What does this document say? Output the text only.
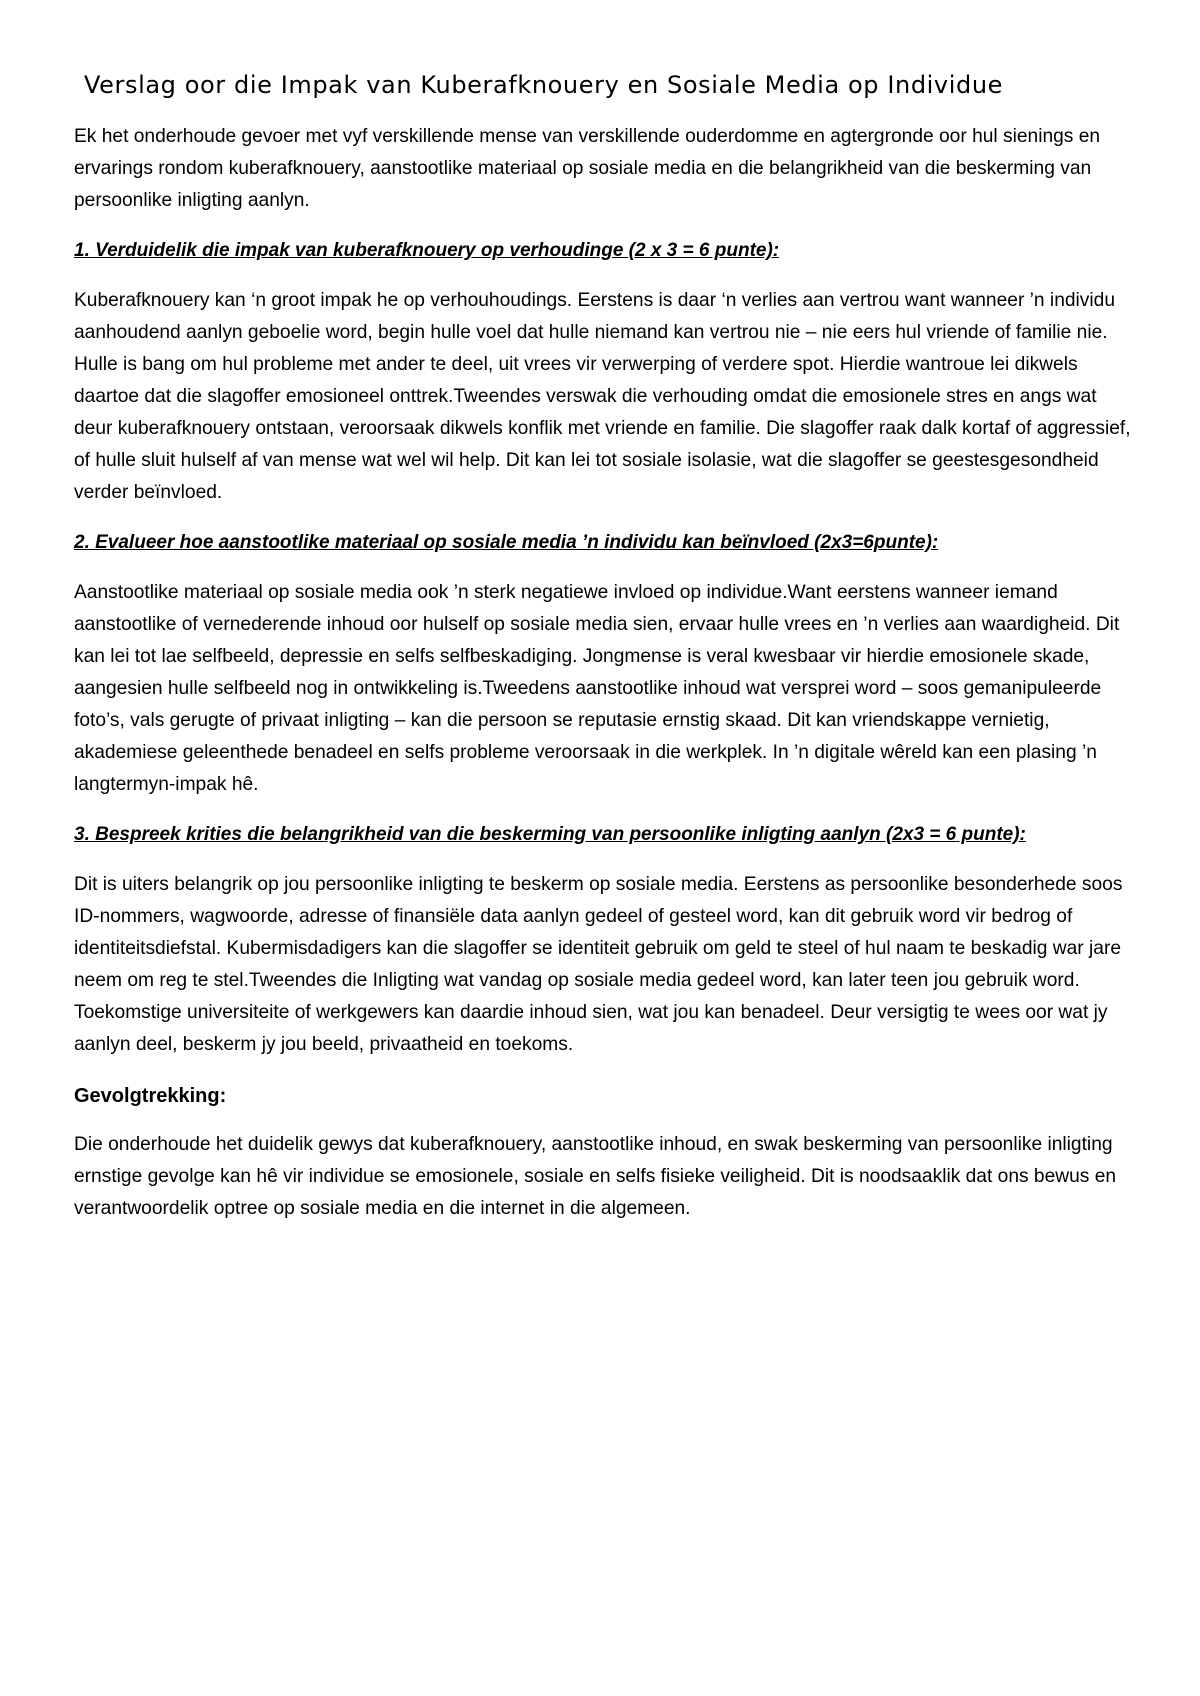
Verslag oor die Impak van Kuberafknouery en Sosiale Media op Individue

Ek het onderhoude gevoer met vyf verskillende mense van verskillende ouderdomme en agtergronde oor hul sienings en ervarings rondom kuberafknouery, aanstootlike materiaal op sosiale media en die belangrikheid van die beskerming van persoonlike inligting aanlyn.

1. Verduidelik die impak van kuberafknouery op verhoudinge (2 x 3 = 6 punte):

Kuberafknouery kan ‘n groot impak he op verhouhoudings. Eerstens is daar ‘n verlies aan vertrou want wanneer ’n individu aanhoudend aanlyn geboelie word, begin hulle voel dat hulle niemand kan vertrou nie – nie eers hul vriende of familie nie. Hulle is bang om hul probleme met ander te deel, uit vrees vir verwerping of verdere spot. Hierdie wantroue lei dikwels daartoe dat die slagoffer emosioneel onttrek.Tweendes verswak die verhouding omdat die emosionele stres en angs wat deur kuberafknouery ontstaan, veroorsaak dikwels konflik met vriende en familie. Die slagoffer raak dalk kortaf of aggressief, of hulle sluit hulself af van mense wat wel wil help. Dit kan lei tot sosiale isolasie, wat die slagoffer se geestesgesondheid verder beïnvloed.

2. Evalueer hoe aanstootlike materiaal op sosiale media ’n individu kan beïnvloed (2x3=6punte):

Aanstootlike materiaal op sosiale media ook ’n sterk negatiewe invloed op individue.Want eerstens wanneer iemand aanstootlike of vernederende inhoud oor hulself op sosiale media sien, ervaar hulle vrees en ’n verlies aan waardigheid. Dit kan lei tot lae selfbeeld, depressie en selfs selfbeskadiging. Jongmense is veral kwesbaar vir hierdie emosionele skade, aangesien hulle selfbeeld nog in ontwikkeling is.Tweedens aanstootlike inhoud wat versprei word – soos gemanipuleerde foto’s, vals gerugte of privaat inligting – kan die persoon se reputasie ernstig skaad. Dit kan vriendskappe vernietig, akademiese geleenthede benadeel en selfs probleme veroorsaak in die werkplek. In ’n digitale wêreld kan een plasing ’n langtermyn-impak hê.

3. Bespreek krities die belangrikheid van die beskerming van persoonlike inligting aanlyn (2x3 = 6 punte):

Dit is uiters belangrik op jou persoonlike inligting te beskerm op sosiale media. Eerstens as persoonlike besonderhede soos ID-nommers, wagwoorde, adresse of finansiële data aanlyn gedeel of gesteel word, kan dit gebruik word vir bedrog of identiteitsdiefstal. Kubermisdadigers kan die slagoffer se identiteit gebruik om geld te steel of hul naam te beskadig war jare neem om reg te stel.Tweendes die Inligting wat vandag op sosiale media gedeel word, kan later teen jou gebruik word. Toekomstige universiteite of werkgewers kan daardie inhoud sien, wat jou kan benadeel. Deur versigtig te wees oor wat jy aanlyn deel, beskerm jy jou beeld, privaatheid en toekoms.

Gevolgtrekking:

Die onderhoude het duidelik gewys dat kuberafknouery, aanstootlike inhoud, en swak beskerming van persoonlike inligting ernstige gevolge kan hê vir individue se emosionele, sosiale en selfs fisieke veiligheid. Dit is noodsaaklik dat ons bewus en verantwoordelik optree op sosiale media en die internet in die algemeen.
